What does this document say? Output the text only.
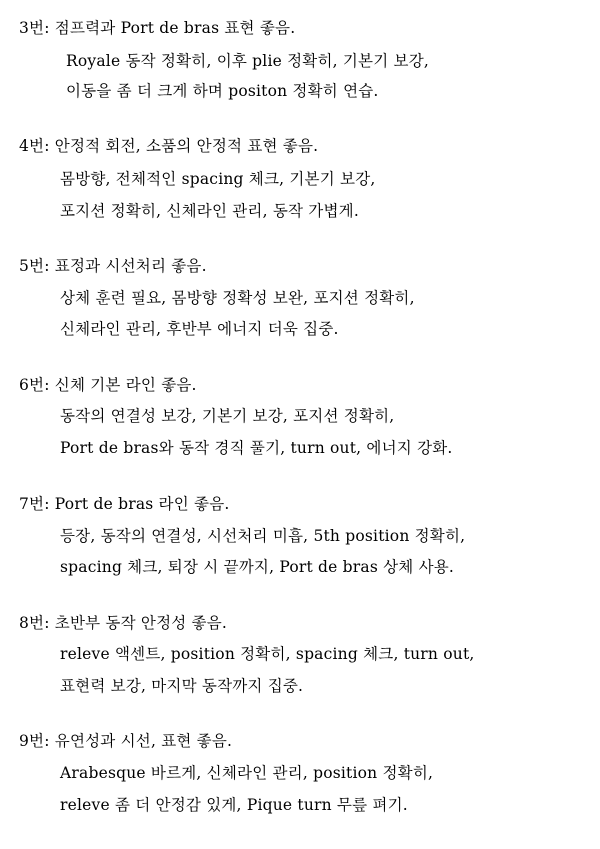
3번: 점프력과 Port de bras 표현 좋음.
Royale 동작 정확히, 이후 plie 정확히, 기본기 보강,
이동을 좀 더 크게 하며 positon 정확히 연습.
4번: 안정적 회전, 소품의 안정적 표현 좋음.
몸방향, 전체적인 spacing 체크, 기본기 보강,
포지션 정확히, 신체라인 관리, 동작 가볍게.
5번: 표정과 시선처리 좋음.
상체 훈련 필요, 몸방향 정확성 보완, 포지션 정확히,
신체라인 관리, 후반부 에너지 더욱 집중.
6번: 신체 기본 라인 좋음.
동작의 연결성 보강, 기본기 보강, 포지션 정확히,
Port de bras와 동작 경직 풀기, turn out, 에너지 강화.
7번: Port de bras 라인 좋음.
등장, 동작의 연결성, 시선처리 미흡, 5th position 정확히,
spacing 체크, 퇴장 시 끝까지, Port de bras 상체 사용.
8번: 초반부 동작 안정성 좋음.
releve 액센트, position 정확히, spacing 체크, turn out,
표현력 보강, 마지막 동작까지 집중.
9번: 유연성과 시선, 표현 좋음.
Arabesque 바르게, 신체라인 관리, position 정확히,
releve 좀 더 안정감 있게, Pique turn 무릎 펴기.
